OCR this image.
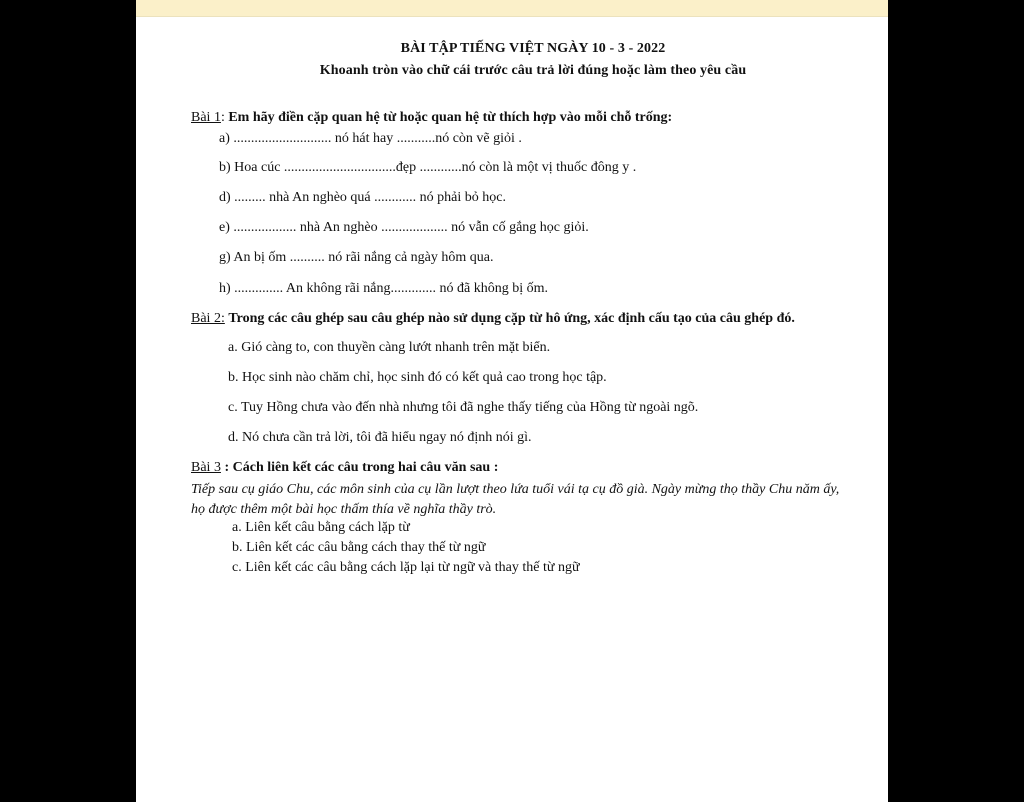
BÀI TẬP TIẾNG VIỆT NGÀY 10 - 3 - 2022
Khoanh tròn vào chữ cái trước câu trả lời đúng hoặc làm theo yêu cầu
Bài 1: Em hãy điền cặp quan hệ từ hoặc quan hệ từ thích hợp vào mỗi chỗ trống:
a) ............................ nó hát hay ...........nó còn vẽ giỏi .
b) Hoa cúc ................................đẹp ............nó còn là một vị thuốc đông y .
d) ......... nhà An nghèo quá ............ nó phải bỏ học.
e) .................. nhà An nghèo ................... nó vẫn cố gắng học giỏi.
g) An bị ốm .......... nó rãi nắng cả ngày hôm qua.
h) .............. An không rãi nắng............. nó đã không bị ốm.
Bài 2: Trong các câu ghép sau câu ghép nào sử dụng cặp từ hô ứng, xác định cấu tạo của câu ghép đó.
a. Gió càng to, con thuyền càng lướt nhanh trên mặt biển.
b. Học sinh nào chăm chỉ, học sinh đó có kết quả cao trong học tập.
c. Tuy Hồng chưa vào đến nhà nhưng tôi đã nghe thấy tiếng của Hồng từ ngoài ngõ.
d. Nó chưa cần trả lời, tôi đã hiểu ngay nó định nói gì.
Bài 3 : Cách liên kết các câu trong hai câu văn sau :
Tiếp sau cụ giáo Chu, các môn sinh của cụ lần lượt theo lứa tuổi vái tạ cụ đồ già. Ngày mừng thọ thầy Chu năm ấy, họ được thêm một bài học thấm thía về nghĩa thầy trò.
a. Liên kết câu bằng cách lặp từ
b. Liên kết các câu bằng cách thay thế từ ngữ
c. Liên kết các câu bằng cách lặp lại từ ngữ và thay thế từ ngữ
